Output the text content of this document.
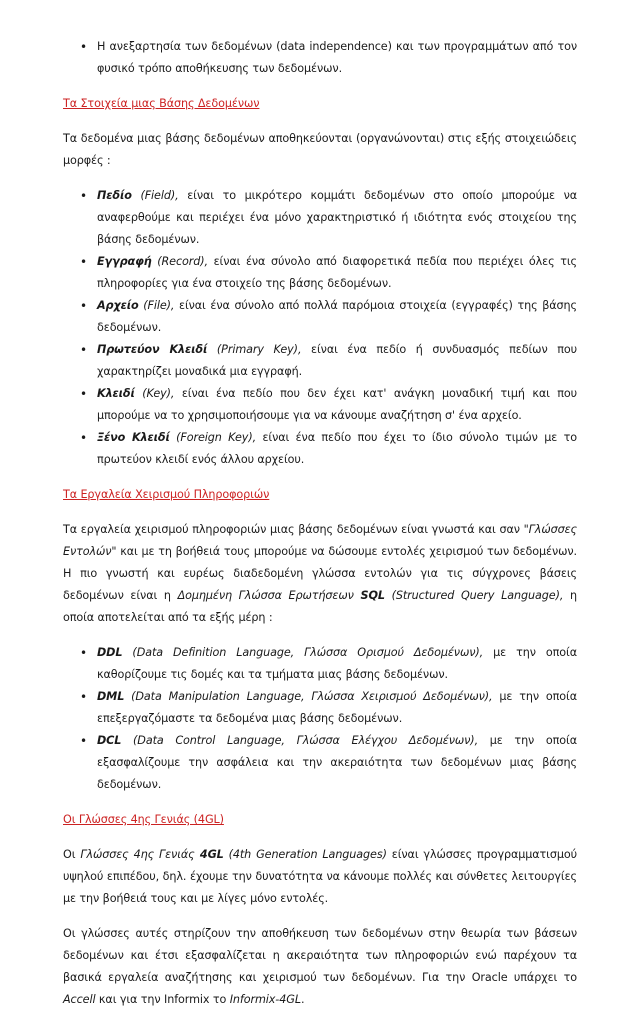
• Η ανεξαρτησία των δεδομένων (data independence) και των προγραμμάτων από τον φυσικό τρόπο αποθήκευσης των δεδομένων.
Τα Στοιχεία μιας Βάσης Δεδομένων

Τα δεδομένα μιας βάσης δεδομένων αποθηκεύονται (οργανώνονται) στις εξής στοιχειώδεις μορφές :

• Πεδίο (Field), είναι το μικρότερο κομμάτι δεδομένων στο οποίο μπορούμε να αναφερθούμε και περιέχει ένα μόνο χαρακτηριστικό ή ιδιότητα ενός στοιχείου της βάσης δεδομένων.
• Εγγραφή (Record), είναι ένα σύνολο από διαφορετικά πεδία που περιέχει όλες τις πληροφορίες για ένα στοιχείο της βάσης δεδομένων.
• Αρχείο (File), είναι ένα σύνολο από πολλά παρόμοια στοιχεία (εγγραφές) της βάσης δεδομένων.
• Πρωτεύον Κλειδί (Primary Key), είναι ένα πεδίο ή συνδυασμός πεδίων που χαρακτηρίζει μοναδικά μια εγγραφή.
• Κλειδί (Key), είναι ένα πεδίο που δεν έχει κατ' ανάγκη μοναδική τιμή και που μπορούμε να το χρησιμοποιήσουμε για να κάνουμε αναζήτηση σ' ένα αρχείο.
• Ξένο Κλειδί (Foreign Key), είναι ένα πεδίο που έχει το ίδιο σύνολο τιμών με το πρωτεύον κλειδί ενός άλλου αρχείου.
Τα Εργαλεία Χειρισμού Πληροφοριών

Τα εργαλεία χειρισμού πληροφοριών μιας βάσης δεδομένων είναι γνωστά και σαν "Γλώσσες Εντολών" και με τη βοήθειά τους μπορούμε να δώσουμε εντολές χειρισμού των δεδομένων. Η πιο γνωστή και ευρέως διαδεδομένη γλώσσα εντολών για τις σύγχρονες βάσεις δεδομένων είναι η Δομημένη Γλώσσα Ερωτήσεων SQL (Structured Query Language), η οποία αποτελείται από τα εξής μέρη :

• DDL (Data Definition Language, Γλώσσα Ορισμού Δεδομένων), με την οποία καθορίζουμε τις δομές και τα τμήματα μιας βάσης δεδομένων.
• DML (Data Manipulation Language, Γλώσσα Χειρισμού Δεδομένων), με την οποία επεξεργαζόμαστε τα δεδομένα μιας βάσης δεδομένων.
• DCL (Data Control Language, Γλώσσα Ελέγχου Δεδομένων), με την οποία εξασφαλίζουμε την ασφάλεια και την ακεραιότητα των δεδομένων μιας βάσης δεδομένων.
Οι Γλώσσες 4ης Γενιάς (4GL)

Οι Γλώσσες 4ης Γενιάς 4GL (4th Generation Languages) είναι γλώσσες προγραμματισμού υψηλού επιπέδου, δηλ. έχουμε την δυνατότητα να κάνουμε πολλές και σύνθετες λειτουργίες με την βοήθειά τους και με λίγες μόνο εντολές.

Οι γλώσσες αυτές στηρίζουν την αποθήκευση των δεδομένων στην θεωρία των βάσεων δεδομένων και έτσι εξασφαλίζεται η ακεραιότητα των πληροφοριών ενώ παρέχουν τα βασικά εργαλεία αναζήτησης και χειρισμού των δεδομένων. Για την Oracle υπάρχει το Accell και για την Informix το Informix-4GL.
